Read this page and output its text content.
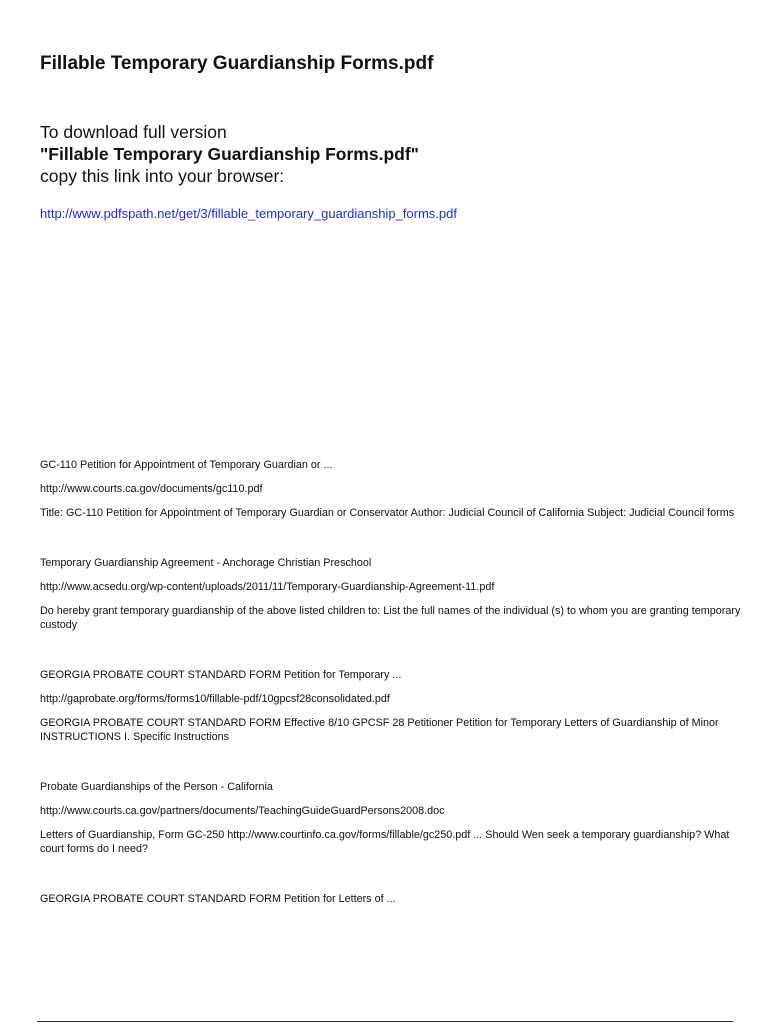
Fillable Temporary Guardianship Forms.pdf
To download full version
"Fillable Temporary Guardianship Forms.pdf"
copy this link into your browser:
http://www.pdfspath.net/get/3/fillable_temporary_guardianship_forms.pdf

GC-110 Petition for Appointment of Temporary Guardian or ...

http://www.courts.ca.gov/documents/gc110.pdf

Title: GC-110 Petition for Appointment of Temporary Guardian or Conservator Author: Judicial Council of California Subject: Judicial Council forms

Temporary Guardianship Agreement - Anchorage Christian Preschool

http://www.acsedu.org/wp-content/uploads/2011/11/Temporary-Guardianship-Agreement-11.pdf

Do hereby grant temporary guardianship of the above listed children to: List the full names of the individual (s) to whom you are granting temporary custody

GEORGIA PROBATE COURT STANDARD FORM Petition for Temporary ...

http://gaprobate.org/forms/forms10/fillable-pdf/10gpcsf28consolidated.pdf

GEORGIA PROBATE COURT STANDARD FORM Effective 8/10 GPCSF 28 Petitioner Petition for Temporary Letters of Guardianship of Minor INSTRUCTIONS I. Specific Instructions

Probate Guardianships of the Person - California

http://www.courts.ca.gov/partners/documents/TeachingGuideGuardPersons2008.doc

Letters of Guardianship, Form GC-250 http://www.courtinfo.ca.gov/forms/fillable/gc250.pdf ... Should Wen seek a temporary guardianship? What court forms do I need?

GEORGIA PROBATE COURT STANDARD FORM Petition for Letters of ...
